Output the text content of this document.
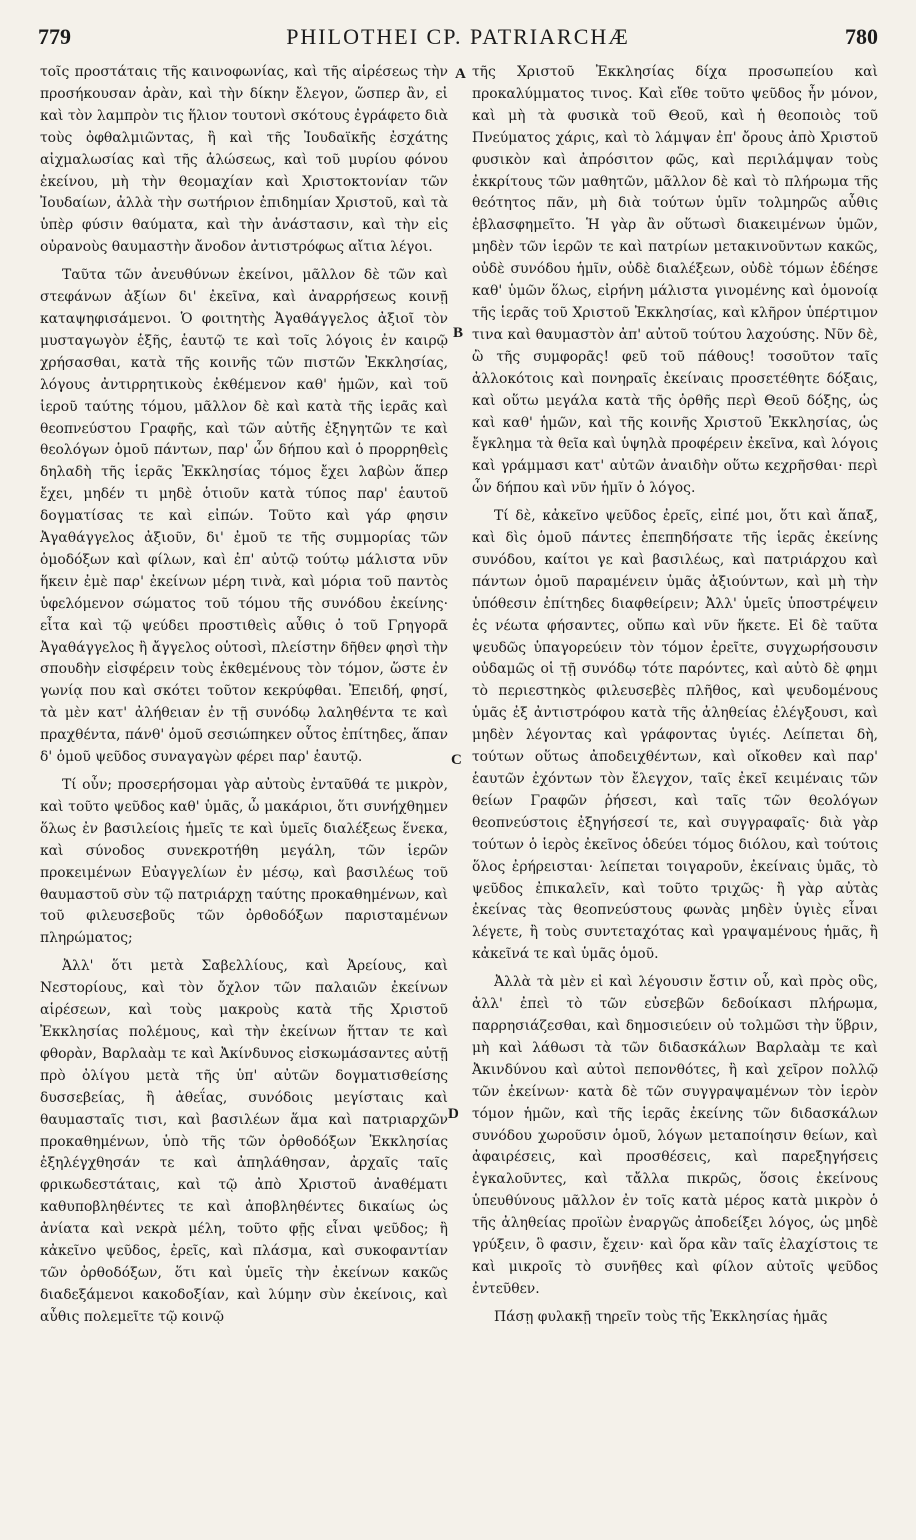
779	PHILOTHEI CP. PATRIARCHÆ	780

τοῖς προστάταις τῆς καινοφωνίας, καὶ τῆς αἱρέσεως τὴν προσήκουσαν ἀρὰν, καὶ τὴν δίκην ἔλεγον, ὥσπερ ἂν, εἰ καὶ τὸν λαμπρὸν τις ἥλιον τουτονὶ σκότους ἐγράφετο διὰ τοὺς ὀφθαλμιῶντας, ἢ καὶ τῆς Ἰουδαϊκῆς ἐσχάτης αἰχμαλωσίας καὶ τῆς ἁλώσεως, καὶ τοῦ μυρίου φόνου ἐκείνου, μὴ τὴν θεομαχίαν καὶ Χριστοκτονίαν τῶν Ἰουδαίων, ἀλλὰ τὴν σωτήριον ἐπιδημίαν Χριστοῦ, καὶ τὰ ὑπὲρ φύσιν θαύματα, καὶ τὴν ἀνάστασιν, καὶ τὴν εἰς οὐρανοὺς θαυμαστὴν ἄνοδον ἀντιστρόφως αἴτια λέγοι.

Ταῦτα τῶν ἀνευθύνων ἐκείνοι, μᾶλλον δὲ τῶν καὶ στεφάνων ἀξίων δι' ἐκεῖνα, καὶ ἀναρρήσεως κοινῇ καταψηφισάμενοι. Ὁ φοιτητὴς Ἀγαθάγγελος ἀξιοῖ τὸν μυσταγωγὸν ἑξῆς, ἑαυτῷ τε καὶ τοῖς λόγοις ἐν καιρῷ χρήσασθαι, κατὰ τῆς κοινῆς τῶν πιστῶν Ἐκκλησίας, λόγους ἀντιρρητικοὺς ἐκθέμενον καθ' ἡμῶν, καὶ τοῦ ἱεροῦ ταύτης τόμου, μᾶλλον δὲ καὶ κατὰ τῆς ἱερᾶς καὶ θεοπνεύστου Γραφῆς, καὶ τῶν αὐτῆς ἐξηγητῶν τε καὶ θεολόγων ὁμοῦ πάντων, παρ' ὧν δήπου καὶ ὁ προρρηθεὶς δηλαδὴ τῆς ἱερᾶς Ἐκκλησίας τόμος ἔχει λαβὼν ἅπερ ἔχει, μηδέν τι μηδὲ ὁτιοῦν κατὰ τύπος παρ' ἑαυτοῦ δογματίσας τε καὶ εἰπών. Τοῦτο καὶ γάρ φησιν Ἀγαθάγγελος ἀξιοῦν, δι' ἐμοῦ τε τῆς συμμορίας τῶν ὁμοδόξων καὶ φίλων, καὶ ἐπ' αὐτῷ τούτῳ μάλιστα νῦν ἥκειν ἐμὲ παρ' ἐκείνων μέρη τινὰ, καὶ μόρια τοῦ παντὸς ὑφελόμενον σώματος τοῦ τόμου τῆς συνόδου ἐκείνης· εἶτα καὶ τῷ ψεύδει προστιθεὶς αὖθις ὁ τοῦ Γρηγορᾶ Ἀγαθάγγελος ἢ ἄγγελος οὑτοσὶ, πλείστην δῆθεν φησὶ τὴν σπουδὴν εἰσφέρειν τοὺς ἐκθεμένους τὸν τόμον, ὥστε ἐν γωνίᾳ που καὶ σκότει τοῦτον κεκρύφθαι. Ἐπειδή, φησί, τὰ μὲν κατ' ἀλήθειαν ἐν τῇ συνόδῳ λαληθέντα τε καὶ πραχθέντα, πάνθ' ὁμοῦ σεσιώπηκεν οὗτος ἐπίτηδες, ἅπαν δ' ὁμοῦ ψεῦδος συναγαγὼν φέρει παρ' ἑαυτῷ.

Τί οὖν; προσερήσομαι γὰρ αὐτοὺς ἐνταῦθά τε μικρὸν, καὶ τοῦτο ψεῦδος καθ' ὑμᾶς, ὦ μακάριοι, ὅτι συνήχθημεν ὅλως ἐν βασιλείοις ἡμεῖς τε καὶ ὑμεῖς διαλέξεως ἕνεκα, καὶ σύνοδος συνεκροτήθη μεγάλη, τῶν ἱερῶν προκειμένων Εὐαγγελίων ἐν μέσῳ, καὶ βασιλέως τοῦ θαυμαστοῦ σὺν τῷ πατριάρχῃ ταύτης προκαθημένων, καὶ τοῦ φιλευσεβοῦς τῶν ὀρθοδόξων παρισταμένων πληρώματος;

Ἀλλ' ὅτι μετὰ Σαβελλίους, καὶ Ἀρείους, καὶ Νεστορίους, καὶ τὸν ὄχλον τῶν παλαιῶν ἐκείνων αἱρέσεων, καὶ τοὺς μακροὺς κατὰ τῆς Χριστοῦ Ἐκκλησίας πολέμους, καὶ τὴν ἐκείνων ἥτταν τε καὶ φθορὰν, Βαρλαὰμ τε καὶ Ἀκίνδυνος εἰσκωμάσαντες αὐτῇ πρὸ ὀλίγου μετὰ τῆς ὑπ' αὐτῶν δογματισθείσης δυσσεβείας, ἢ ἀθεΐας, συνόδοις μεγίσταις καὶ θαυμασταῖς τισι, καὶ βασιλέων ἅμα καὶ πατριαρχῶν προκαθημένων, ὑπὸ τῆς τῶν ὀρθοδόξων Ἐκκλησίας ἐξηλέγχθησάν τε καὶ ἀπηλάθησαν, ἀρχαῖς ταῖς φρικωδεστάταις, καὶ τῷ ἀπὸ Χριστοῦ ἀναθέματι καθυποβληθέντες τε καὶ ἀποβληθέντες δικαίως ὡς ἀνίατα καὶ νεκρὰ μέλη, τοῦτο φῇς εἶναι ψεῦδος; ἢ κἀκεῖνο ψεῦδος, ἐρεῖς, καὶ πλάσμα, καὶ συκοφαντίαν τῶν ὀρθοδόξων, ὅτι καὶ ὑμεῖς τὴν ἐκείνων κακῶς διαδεξάμενοι κακοδοξίαν, καὶ λύμην σὺν ἐκείνοις, καὶ αὖθις πολεμεῖτε τῷ κοινῷ

A
B
C
D

τῆς Χριστοῦ Ἐκκλησίας δίχα προσωπείου καὶ προκαλύμματος τινος. Καὶ εἴθε τοῦτο ψεῦδος ἦν μόνον, καὶ μὴ τὰ φυσικὰ τοῦ Θεοῦ, καὶ ἡ θεοποιὸς τοῦ Πνεύματος χάρις, καὶ τὸ λάμψαν ἐπ' ὄρους ἀπὸ Χριστοῦ φυσικὸν καὶ ἀπρόσιτον φῶς, καὶ περιλάμψαν τοὺς ἐκκρίτους τῶν μαθητῶν, μᾶλλον δὲ καὶ τὸ πλήρωμα τῆς θεότητος πᾶν, μὴ διὰ τούτων ὑμῖν τολμηρῶς αὖθις ἐβλασφημεῖτο. Ἡ γὰρ ἂν οὕτωσὶ διακειμένων ὑμῶν, μηδὲν τῶν ἱερῶν τε καὶ πατρίων μετακινοῦντων κακῶς, οὐδὲ συνόδου ἡμῖν, οὐδὲ διαλέξεων, οὐδὲ τόμων ἐδέησε καθ' ὑμῶν ὅλως, εἰρήνη μάλιστα γινομένης καὶ ὁμονοίᾳ τῆς ἱερᾶς τοῦ Χριστοῦ Ἐκκλησίας, καὶ κλῆρον ὑπέρτιμον τινα καὶ θαυμαστὸν ἀπ' αὐτοῦ τούτου λαχούσης. Νῦν δὲ, ὢ τῆς συμφορᾶς! φεῦ τοῦ πάθους! τοσοῦτον ταῖς ἀλλοκότοις καὶ πονηραῖς ἐκείναις προσετέθητε δόξαις, καὶ οὕτω μεγάλα κατὰ τῆς ὀρθῆς περὶ Θεοῦ δόξης, ὡς καὶ καθ' ἡμῶν, καὶ τῆς κοινῆς Χριστοῦ Ἐκκλησίας, ὡς ἔγκλημα τὰ θεῖα καὶ ὑψηλὰ προφέρειν ἐκεῖνα, καὶ λόγοις καὶ γράμμασι κατ' αὐτῶν ἀναιδὴν οὕτω κεχρῆσθαι· περὶ ὧν δήπου καὶ νῦν ἡμῖν ὁ λόγος.

Τί δὲ, κἀκεῖνο ψεῦδος ἐρεῖς, εἰπέ μοι, ὅτι καὶ ἅπαξ, καὶ δὶς ὁμοῦ πάντες ἐπεπηδήσατε τῆς ἱερᾶς ἐκείνης συνόδου, καίτοι γε καὶ βασιλέως, καὶ πατριάρχου καὶ πάντων ὁμοῦ παραμένειν ὑμᾶς ἀξιούντων, καὶ μὴ τὴν ὑπόθεσιν ἐπίτηδες διαφθείρειν; Ἀλλ' ὑμεῖς ὑποστρέψειν ἐς νέωτα φήσαντες, οὔπω καὶ νῦν ἥκετε. Εἰ δὲ ταῦτα ψευδῶς ὑπαγορεύειν τὸν τόμον ἐρεῖτε, συγχωρήσουσιν οὐδαμῶς οἱ τῇ συνόδῳ τότε παρόντες, καὶ αὐτὸ δὲ φημι τὸ περιεστηκὸς φιλευσεβὲς πλῆθος, καὶ ψευδομένους ὑμᾶς ἐξ ἀντιστρόφου κατὰ τῆς ἀληθείας ἐλέγξουσι, καὶ μηδὲν λέγοντας καὶ γράφοντας ὑγιές. Λείπεται δὴ, τούτων οὕτως ἀποδειχθέντων, καὶ οἴκοθεν καὶ παρ' ἑαυτῶν ἐχόντων τὸν ἔλεγχον, ταῖς ἐκεῖ κειμέναις τῶν θείων Γραφῶν ῥήσεσι, καὶ ταῖς τῶν θεολόγων θεοπνεύστοις ἐξηγήσεσί τε, καὶ συγγραφαῖς· διὰ γὰρ τούτων ὁ ἱερὸς ἐκεῖνος ὁδεύει τόμος διόλου, καὶ τούτοις ὅλος ἐρήρεισται· λείπεται τοιγαροῦν, ἐκείναις ὑμᾶς, τὸ ψεῦδος ἐπικαλεῖν, καὶ τοῦτο τριχῶς· ἢ γὰρ αὐτὰς ἐκείνας τὰς θεοπνεύστους φωνὰς μηδὲν ὑγιὲς εἶναι λέγετε, ἢ τοὺς συντεταχότας καὶ γραψαμένους ἡμᾶς, ἢ κἀκεῖνά τε καὶ ὑμᾶς ὁμοῦ.

Ἀλλὰ τὰ μὲν εἰ καὶ λέγουσιν ἔστιν οὗ, καὶ πρὸς οὓς, ἀλλ' ἐπεὶ τὸ τῶν εὐσεβῶν δεδοίκασι πλήρωμα, παρρησιάζεσθαι, καὶ δημοσιεύειν οὐ τολμῶσι τὴν ὕβριν, μὴ καὶ λάθωσι τὰ τῶν διδασκάλων Βαρλαὰμ τε καὶ Ἀκινδύνου καὶ αὐτοὶ πεπονθότες, ἢ καὶ χεῖρον πολλῷ τῶν ἐκείνων· κατὰ δὲ τῶν συγγραψαμένων τὸν ἱερὸν τόμον ἡμῶν, καὶ τῆς ἱερᾶς ἐκείνης τῶν διδασκάλων συνόδου χωροῦσιν ὁμοῦ, λόγων μεταποίησιν θείων, καὶ ἀφαιρέσεις, καὶ προσθέσεις, καὶ παρεξηγήσεις ἐγκαλοῦντες, καὶ τἄλλα πικρῶς, ὅσοις ἐκείνους ὑπευθύνους μᾶλλον ἐν τοῖς κατὰ μέρος κατὰ μικρὸν ὁ τῆς ἀληθείας προϊὼν ἐναργῶς ἀποδείξει λόγος, ὡς μηδὲ γρύξειν, ὃ φασιν, ἔχειν· καὶ ὅρα κἂν ταῖς ἐλαχίστοις τε καὶ μικροῖς τὸ συνῆθες καὶ φίλον αὐτοῖς ψεῦδος ἐντεῦθεν.

Πάσῃ φυλακῇ τηρεῖν τοὺς τῆς Ἐκκλησίας ἡμᾶς
